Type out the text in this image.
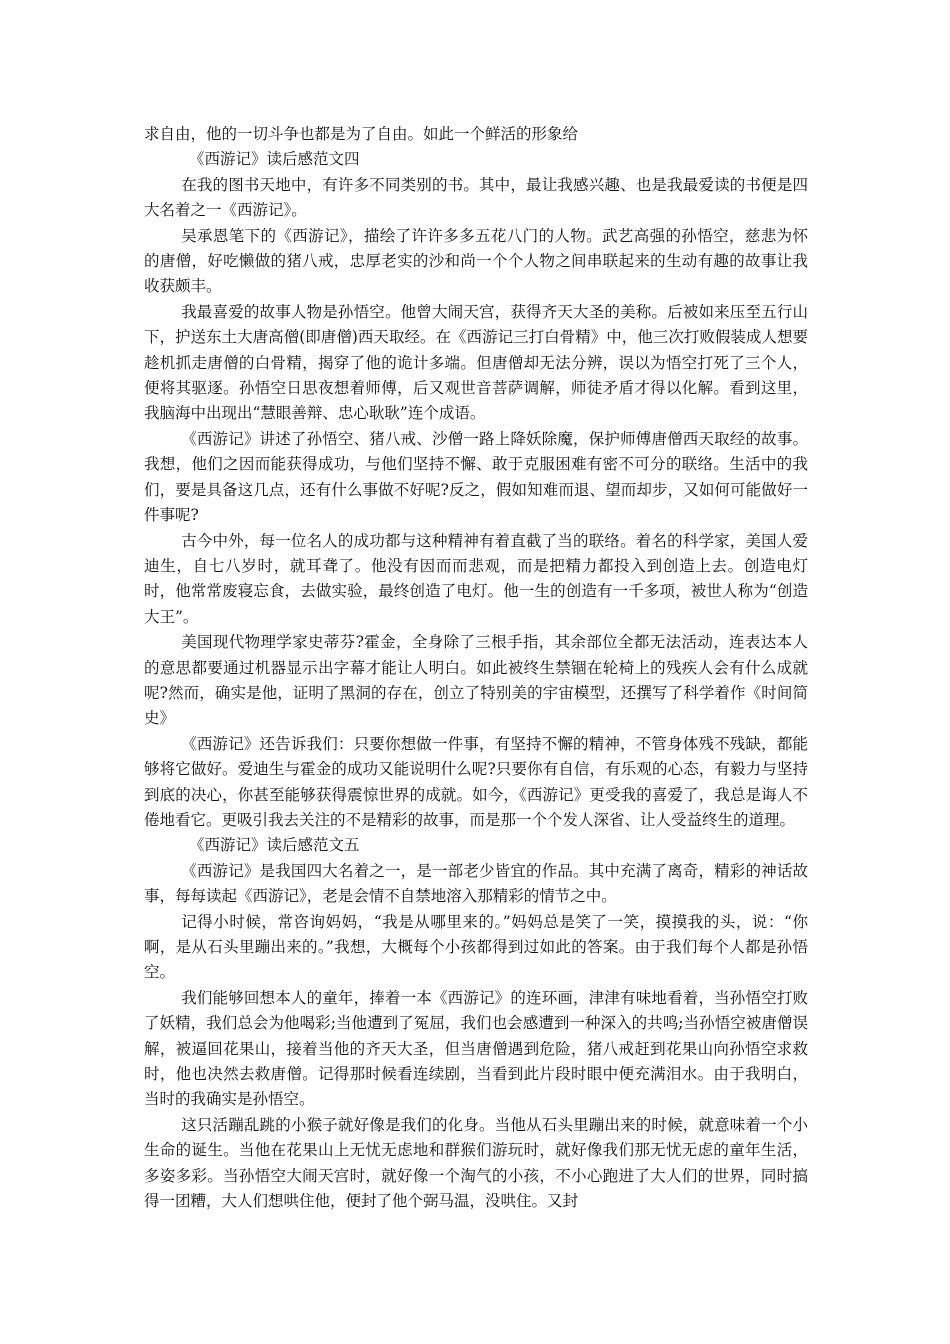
求自由，他的一切斗争也都是为了自由。如此一个鲜活的形象给

《西游记》读后感范文四

在我的图书天地中，有许多不同类别的书。其中，最让我感兴趣、也是我最爱读的书便是四大名着之一《西游记》。

吴承恩笔下的《西游记》，描绘了许许多多五花八门的人物。武艺高强的孙悟空，慈悲为怀的唐僧，好吃懒做的猪八戒，忠厚老实的沙和尚一个个人物之间串联起来的生动有趣的故事让我收获颇丰。

我最喜爱的故事人物是孙悟空。他曾大闹天宫，获得齐天大圣的美称。后被如来压至五行山下，护送东土大唐高僧(即唐僧)西天取经。在《西游记三打白骨精》中，他三次打败假装成人想要趁机抓走唐僧的白骨精，揭穿了他的诡计多端。但唐僧却无法分辨，误以为悟空打死了三个人，便将其驱逐。孙悟空日思夜想着师傅，后又观世音菩萨调解，师徒矛盾才得以化解。看到这里，我脑海中出现出“慧眼善辩、忠心耿耿”连个成语。

《西游记》讲述了孙悟空、猪八戒、沙僧一路上降妖除魔，保护师傅唐僧西天取经的故事。我想，他们之因而能获得成功，与他们坚持不懈、敢于克服困难有密不可分的联络。生活中的我们，要是具备这几点，还有什么事做不好呢?反之，假如知难而退、望而却步，又如何可能做好一件事呢?

古今中外，每一位名人的成功都与这种精神有着直截了当的联络。着名的科学家，美国人爱迪生，自七八岁时，就耳聋了。他没有因而而悲观，而是把精力都投入到创造上去。创造电灯时，他常常废寝忘食，去做实验，最终创造了电灯。他一生的创造有一千多项，被世人称为“创造大王”。

美国现代物理学家史蒂芬?霍金，全身除了三根手指，其余部位全都无法活动，连表达本人的意思都要通过机器显示出字幕才能让人明白。如此被终生禁锢在轮椅上的残疾人会有什么成就呢?然而，确实是他，证明了黑洞的存在，创立了特别美的宇宙模型，还撰写了科学着作《时间简史》

《西游记》还告诉我们：只要你想做一件事，有坚持不懈的精神，不管身体残不残缺，都能够将它做好。爱迪生与霍金的成功又能说明什么呢?只要你有自信，有乐观的心态，有毅力与坚持到底的决心，你甚至能够获得震惊世界的成就。如今，《西游记》更受我的喜爱了，我总是诲人不倦地看它。更吸引我去关注的不是精彩的故事，而是那一个个发人深省、让人受益终生的道理。

《西游记》读后感范文五

《西游记》是我国四大名着之一，是一部老少皆宜的作品。其中充满了离奇，精彩的神话故事，每每读起《西游记》，老是会情不自禁地溶入那精彩的情节之中。

记得小时候，常咨询妈妈，“我是从哪里来的。”妈妈总是笑了一笑，摸摸我的头，说：“你啊，是从石头里蹦出来的。”我想，大概每个小孩都得到过如此的答案。由于我们每个人都是孙悟空。

我们能够回想本人的童年，捧着一本《西游记》的连环画，津津有味地看着，当孙悟空打败了妖精，我们总会为他喝彩;当他遭到了冤屈，我们也会感遭到一种深入的共鸣;当孙悟空被唐僧误解，被逼回花果山，接着当他的齐天大圣，但当唐僧遇到危险，猪八戒赶到花果山向孙悟空求救时，他也决然去救唐僧。记得那时候看连续剧，当看到此片段时眼中便充满泪水。由于我明白，当时的我确实是孙悟空。

这只活蹦乱跳的小猴子就好像是我们的化身。当他从石头里蹦出来的时候，就意味着一个小生命的诞生。当他在花果山上无忧无虑地和群猴们游玩时，就好像我们那无忧无虑的童年生活，多姿多彩。当孙悟空大闹天宫时，就好像一个淘气的小孩，不小心跑进了大人们的世界，同时搞得一团糟，大人们想哄住他，便封了他个弼马温，没哄住。又封
